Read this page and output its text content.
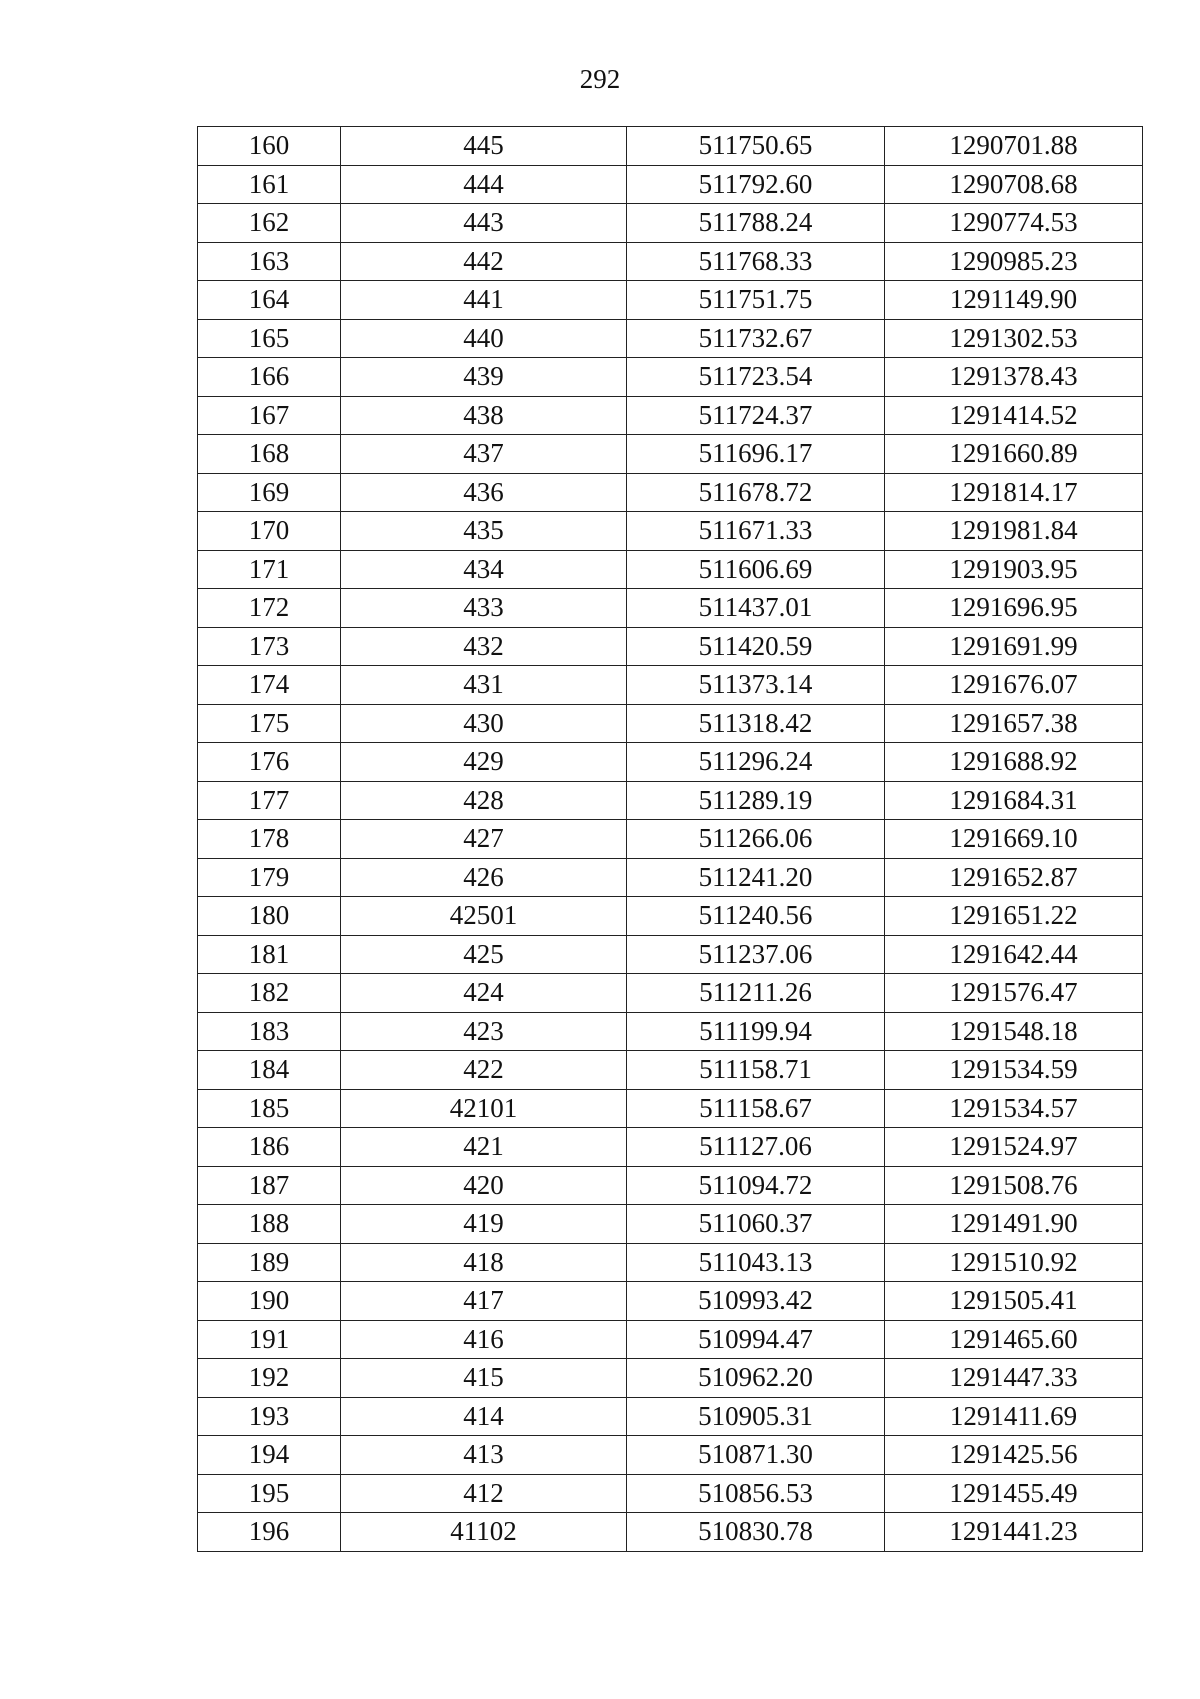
292
160	445	511750.65	1290701.88
161	444	511792.60	1290708.68
162	443	511788.24	1290774.53
163	442	511768.33	1290985.23
164	441	511751.75	1291149.90
165	440	511732.67	1291302.53
166	439	511723.54	1291378.43
167	438	511724.37	1291414.52
168	437	511696.17	1291660.89
169	436	511678.72	1291814.17
170	435	511671.33	1291981.84
171	434	511606.69	1291903.95
172	433	511437.01	1291696.95
173	432	511420.59	1291691.99
174	431	511373.14	1291676.07
175	430	511318.42	1291657.38
176	429	511296.24	1291688.92
177	428	511289.19	1291684.31
178	427	511266.06	1291669.10
179	426	511241.20	1291652.87
180	42501	511240.56	1291651.22
181	425	511237.06	1291642.44
182	424	511211.26	1291576.47
183	423	511199.94	1291548.18
184	422	511158.71	1291534.59
185	42101	511158.67	1291534.57
186	421	511127.06	1291524.97
187	420	511094.72	1291508.76
188	419	511060.37	1291491.90
189	418	511043.13	1291510.92
190	417	510993.42	1291505.41
191	416	510994.47	1291465.60
192	415	510962.20	1291447.33
193	414	510905.31	1291411.69
194	413	510871.30	1291425.56
195	412	510856.53	1291455.49
196	41102	510830.78	1291441.23
